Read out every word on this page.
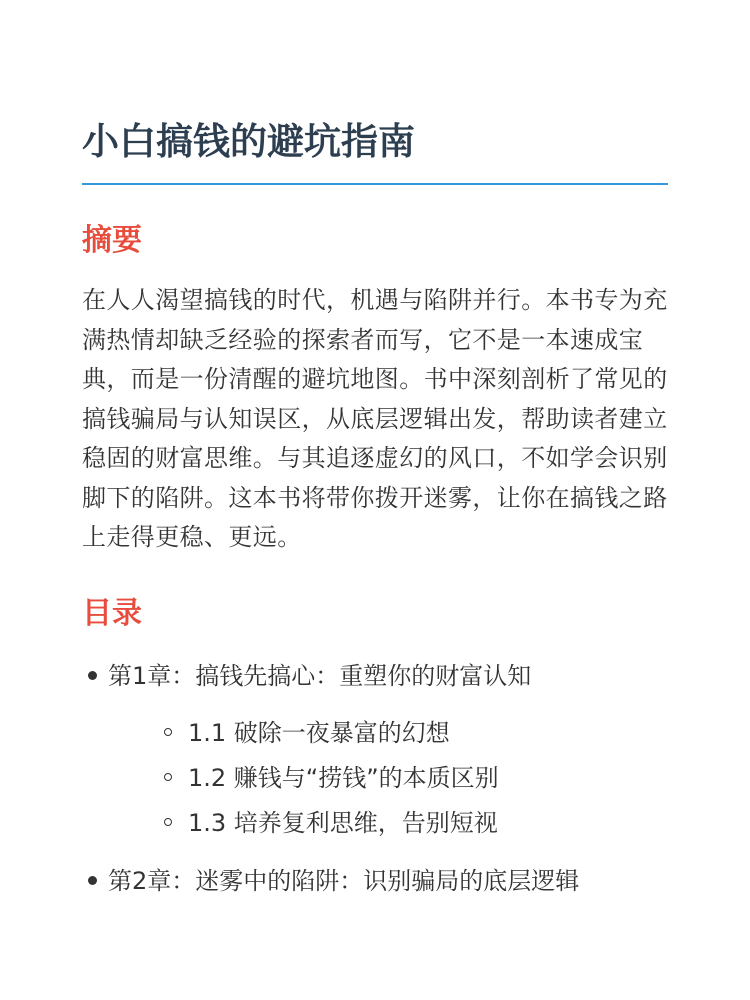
小白搞钱的避坑指南
摘要

在人人渴望搞钱的时代，机遇与陷阱并行。本书专为充满热情却缺乏经验的探索者而写，它不是一本速成宝典，而是一份清醒的避坑地图。书中深刻剖析了常见的搞钱骗局与认知误区，从底层逻辑出发，帮助读者建立稳固的财富思维。与其追逐虚幻的风口，不如学会识别脚下的陷阱。这本书将带你拨开迷雾，让你在搞钱之路上走得更稳、更远。

目录
第1章：搞钱先搞心：重塑你的财富认知
1.1 破除一夜暴富的幻想
1.2 赚钱与“捞钱”的本质区别
1.3 培养复利思维，告别短视
第2章：迷雾中的陷阱：识别骗局的底层逻辑
